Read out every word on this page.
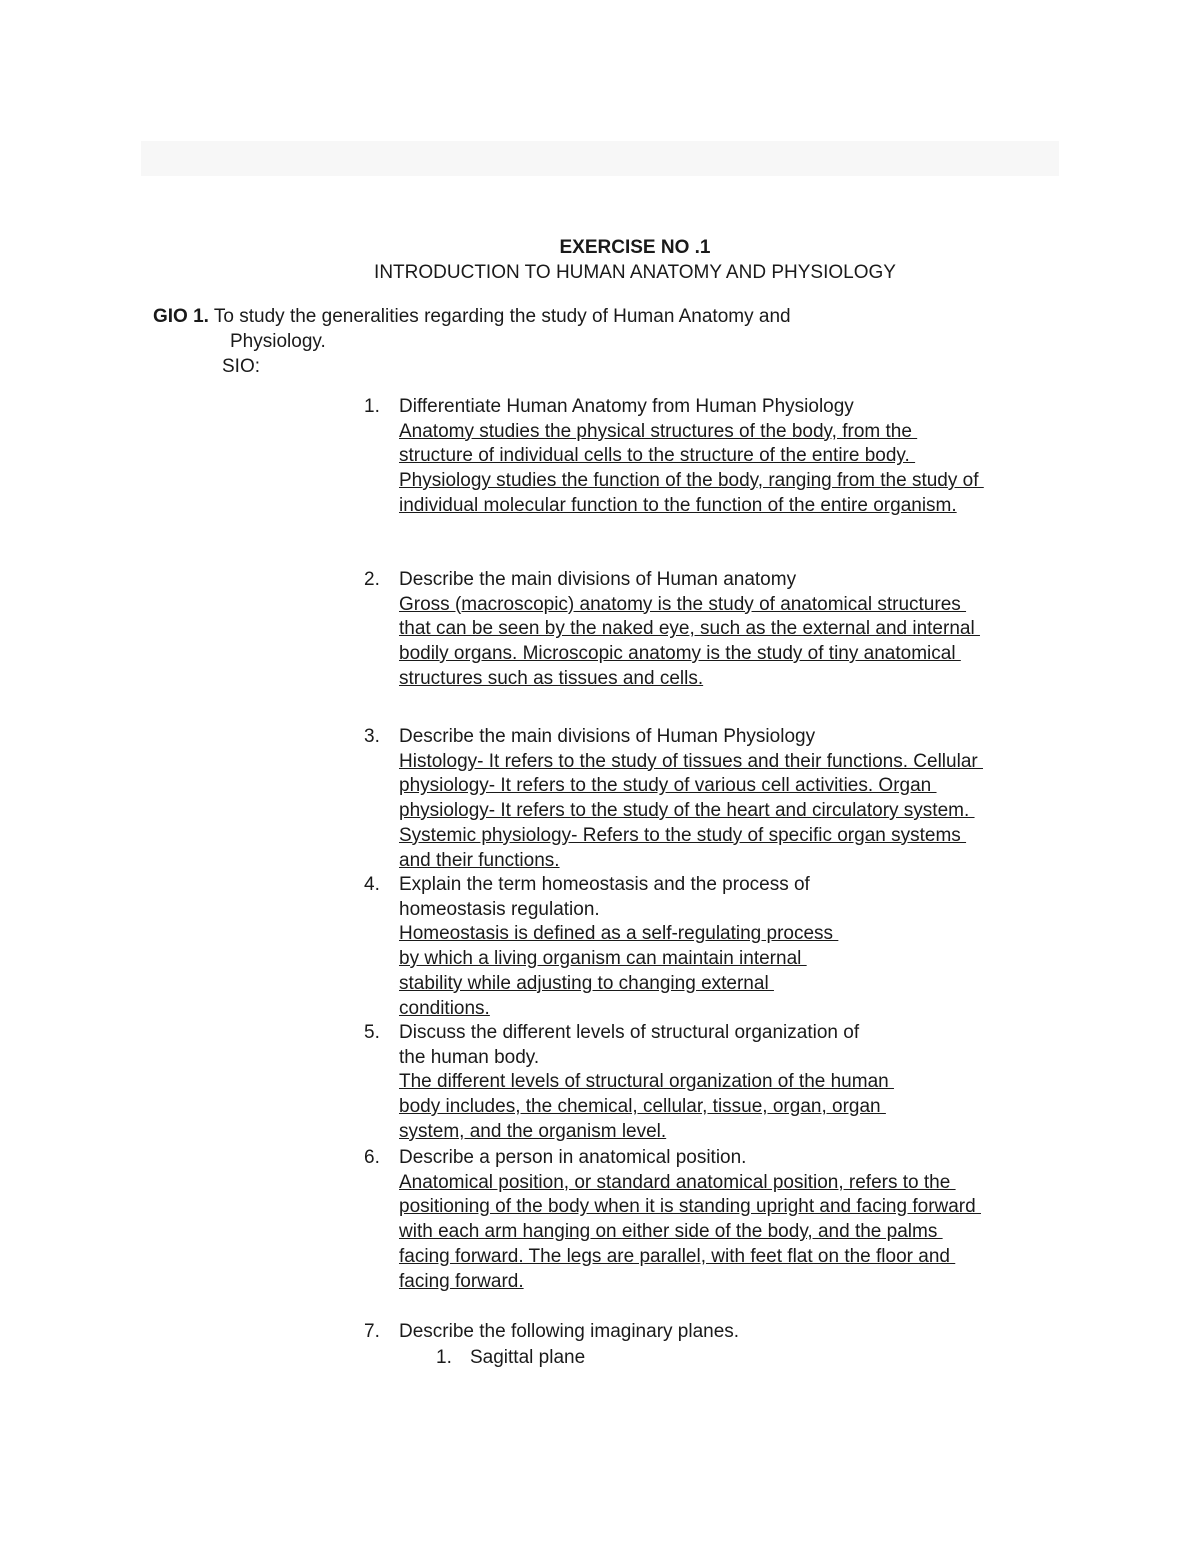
EXERCISE NO .1
INTRODUCTION TO HUMAN ANATOMY AND PHYSIOLOGY
GIO 1. To study the generalities regarding the study of Human Anatomy and
Physiology.
SIO:
1.	Differentiate Human Anatomy from Human Physiology
Anatomy studies the physical structures of the body, from the
structure of individual cells to the structure of the entire body.
Physiology studies the function of the body, ranging from the study of
individual molecular function to the function of the entire organism.
2.	Describe the main divisions of Human anatomy
Gross (macroscopic) anatomy is the study of anatomical structures
that can be seen by the naked eye, such as the external and internal
bodily organs. Microscopic anatomy is the study of tiny anatomical
structures such as tissues and cells.
3.	Describe the main divisions of Human Physiology
Histology- It refers to the study of tissues and their functions. Cellular
physiology- It refers to the study of various cell activities. Organ
physiology- It refers to the study of the heart and circulatory system.
Systemic physiology- Refers to the study of specific organ systems
and their functions.
4.	Explain the term homeostasis and the process of
homeostasis regulation.
Homeostasis is defined as a self-regulating process
by which a living organism can maintain internal
stability while adjusting to changing external
conditions.
5.	Discuss the different levels of structural organization of
the human body.
The different levels of structural organization of the human
body includes, the chemical, cellular, tissue, organ, organ
system, and the organism level.
6.	Describe a person in anatomical position.
Anatomical position, or standard anatomical position, refers to the
positioning of the body when it is standing upright and facing forward
with each arm hanging on either side of the body, and the palms
facing forward. The legs are parallel, with feet flat on the floor and
facing forward.
7.	Describe the following imaginary planes.
1. Sagittal plane
